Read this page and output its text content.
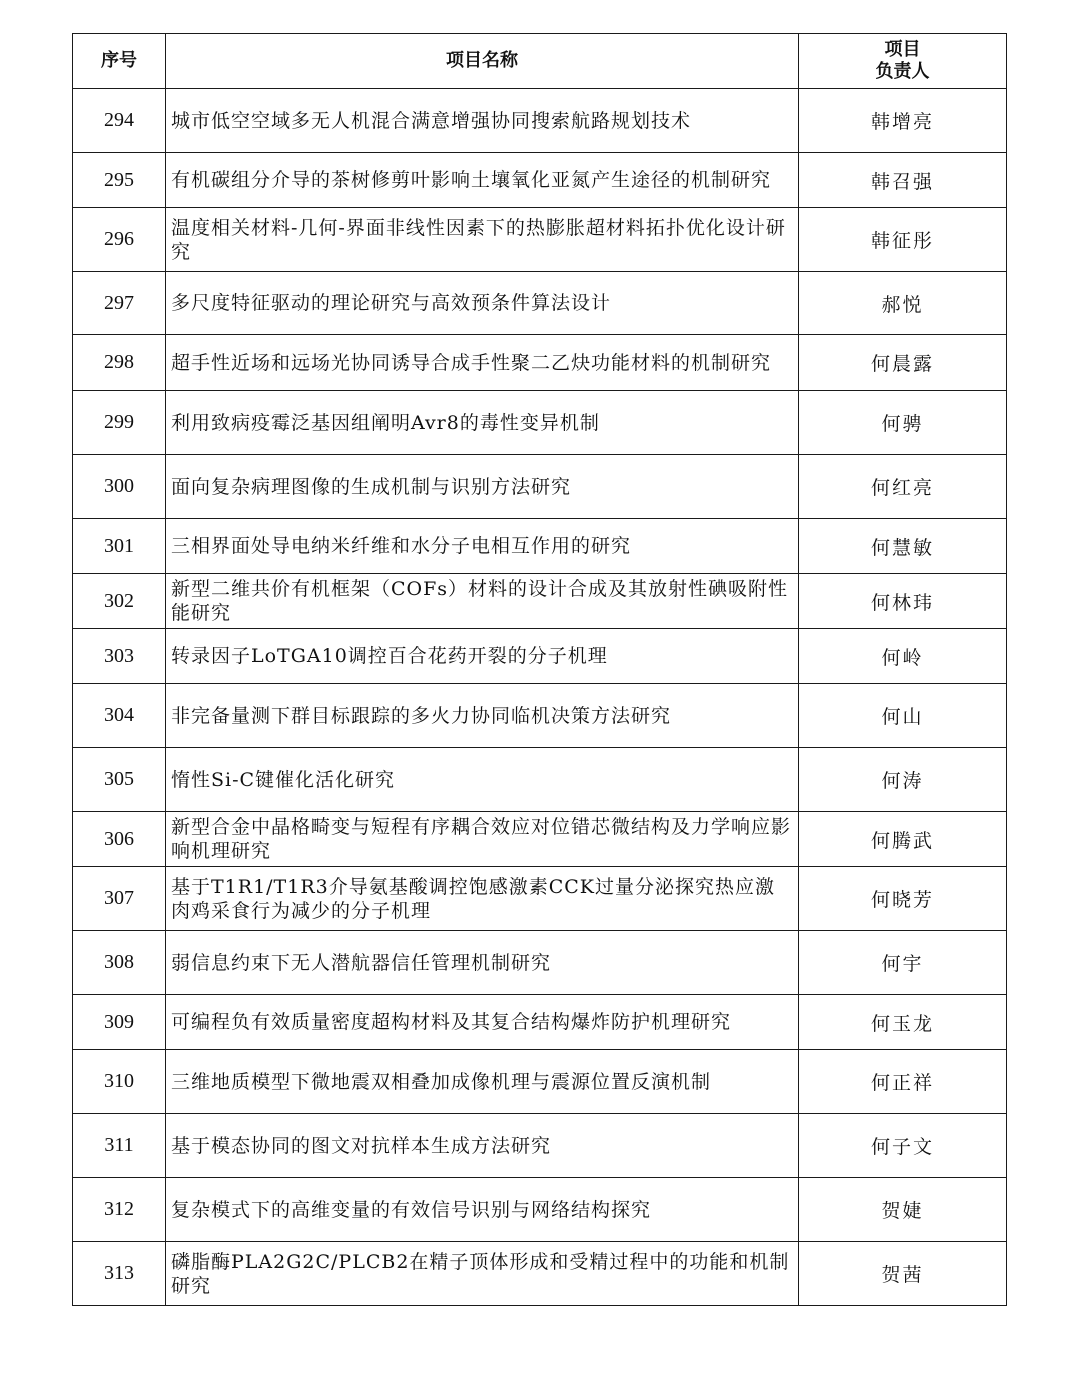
序号	项目名称	项目
负责人

294	城市低空空域多无人机混合满意增强协同搜索航路规划技术	韩增亮
295	有机碳组分介导的茶树修剪叶影响土壤氧化亚氮产生途径的机制研究	韩召强
296	温度相关材料-几何-界面非线性因素下的热膨胀超材料拓扑优化设计研究	韩征彤
297	多尺度特征驱动的理论研究与高效预条件算法设计	郝悦
298	超手性近场和远场光协同诱导合成手性聚二乙炔功能材料的机制研究	何晨露
299	利用致病疫霉泛基因组阐明Avr8的毒性变异机制	何骋
300	面向复杂病理图像的生成机制与识别方法研究	何红亮
301	三相界面处导电纳米纤维和水分子电相互作用的研究	何慧敏
302	新型二维共价有机框架（COFs）材料的设计合成及其放射性碘吸附性能研究	何林玮
303	转录因子LoTGA10调控百合花药开裂的分子机理	何岭
304	非完备量测下群目标跟踪的多火力协同临机决策方法研究	何山
305	惰性Si-C键催化活化研究	何涛
306	新型合金中晶格畸变与短程有序耦合效应对位错芯微结构及力学响应影响机理研究	何腾武
307	基于T1R1/T1R3介导氨基酸调控饱感激素CCK过量分泌探究热应激肉鸡采食行为减少的分子机理	何晓芳
308	弱信息约束下无人潜航器信任管理机制研究	何宇
309	可编程负有效质量密度超构材料及其复合结构爆炸防护机理研究	何玉龙
310	三维地质模型下微地震双相叠加成像机理与震源位置反演机制	何正祥
311	基于模态协同的图文对抗样本生成方法研究	何子文
312	复杂模式下的高维变量的有效信号识别与网络结构探究	贺婕
313	磷脂酶PLA2G2C/PLCB2在精子顶体形成和受精过程中的功能和机制研究	贺茜
